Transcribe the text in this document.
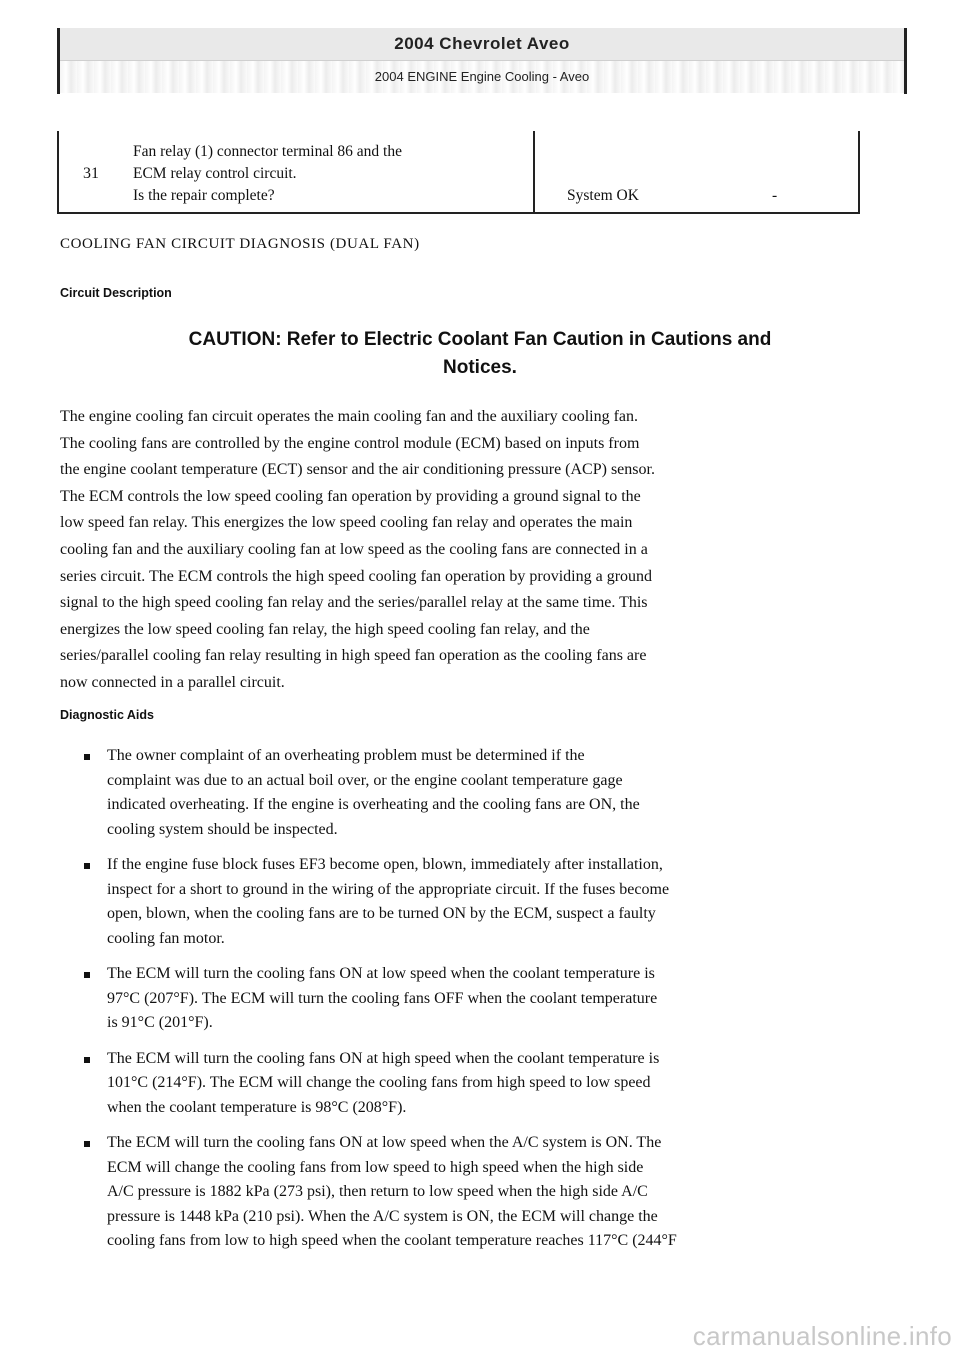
2004 Chevrolet Aveo
2004 ENGINE Engine Cooling - Aveo
31
Fan relay (1) connector terminal 86 and the
ECM relay control circuit.
Is the repair complete?	System OK	-
COOLING FAN CIRCUIT DIAGNOSIS (DUAL FAN)
Circuit Description
CAUTION: Refer to Electric Coolant Fan Caution in Cautions and
Notices.
The engine cooling fan circuit operates the main cooling fan and the auxiliary cooling fan.
The cooling fans are controlled by the engine control module (ECM) based on inputs from
the engine coolant temperature (ECT) sensor and the air conditioning pressure (ACP) sensor.
The ECM controls the low speed cooling fan operation by providing a ground signal to the
low speed fan relay. This energizes the low speed cooling fan relay and operates the main
cooling fan and the auxiliary cooling fan at low speed as the cooling fans are connected in a
series circuit. The ECM controls the high speed cooling fan operation by providing a ground
signal to the high speed cooling fan relay and the series/parallel relay at the same time. This
energizes the low speed cooling fan relay, the high speed cooling fan relay, and the
series/parallel cooling fan relay resulting in high speed fan operation as the cooling fans are
now connected in a parallel circuit.
Diagnostic Aids
The owner complaint of an overheating problem must be determined if the
complaint was due to an actual boil over, or the engine coolant temperature gage
indicated overheating. If the engine is overheating and the cooling fans are ON, the
cooling system should be inspected.
If the engine fuse block fuses EF3 become open, blown, immediately after installation,
inspect for a short to ground in the wiring of the appropriate circuit. If the fuses become
open, blown, when the cooling fans are to be turned ON by the ECM, suspect a faulty
cooling fan motor.
The ECM will turn the cooling fans ON at low speed when the coolant temperature is
97°C (207°F). The ECM will turn the cooling fans OFF when the coolant temperature
is 91°C (201°F).
The ECM will turn the cooling fans ON at high speed when the coolant temperature is
101°C (214°F). The ECM will change the cooling fans from high speed to low speed
when the coolant temperature is 98°C (208°F).
The ECM will turn the cooling fans ON at low speed when the A/C system is ON. The
ECM will change the cooling fans from low speed to high speed when the high side
A/C pressure is 1882 kPa (273 psi), then return to low speed when the high side A/C
pressure is 1448 kPa (210 psi). When the A/C system is ON, the ECM will change the
cooling fans from low to high speed when the coolant temperature reaches 117°C (244°F
carmanualsonline.info
